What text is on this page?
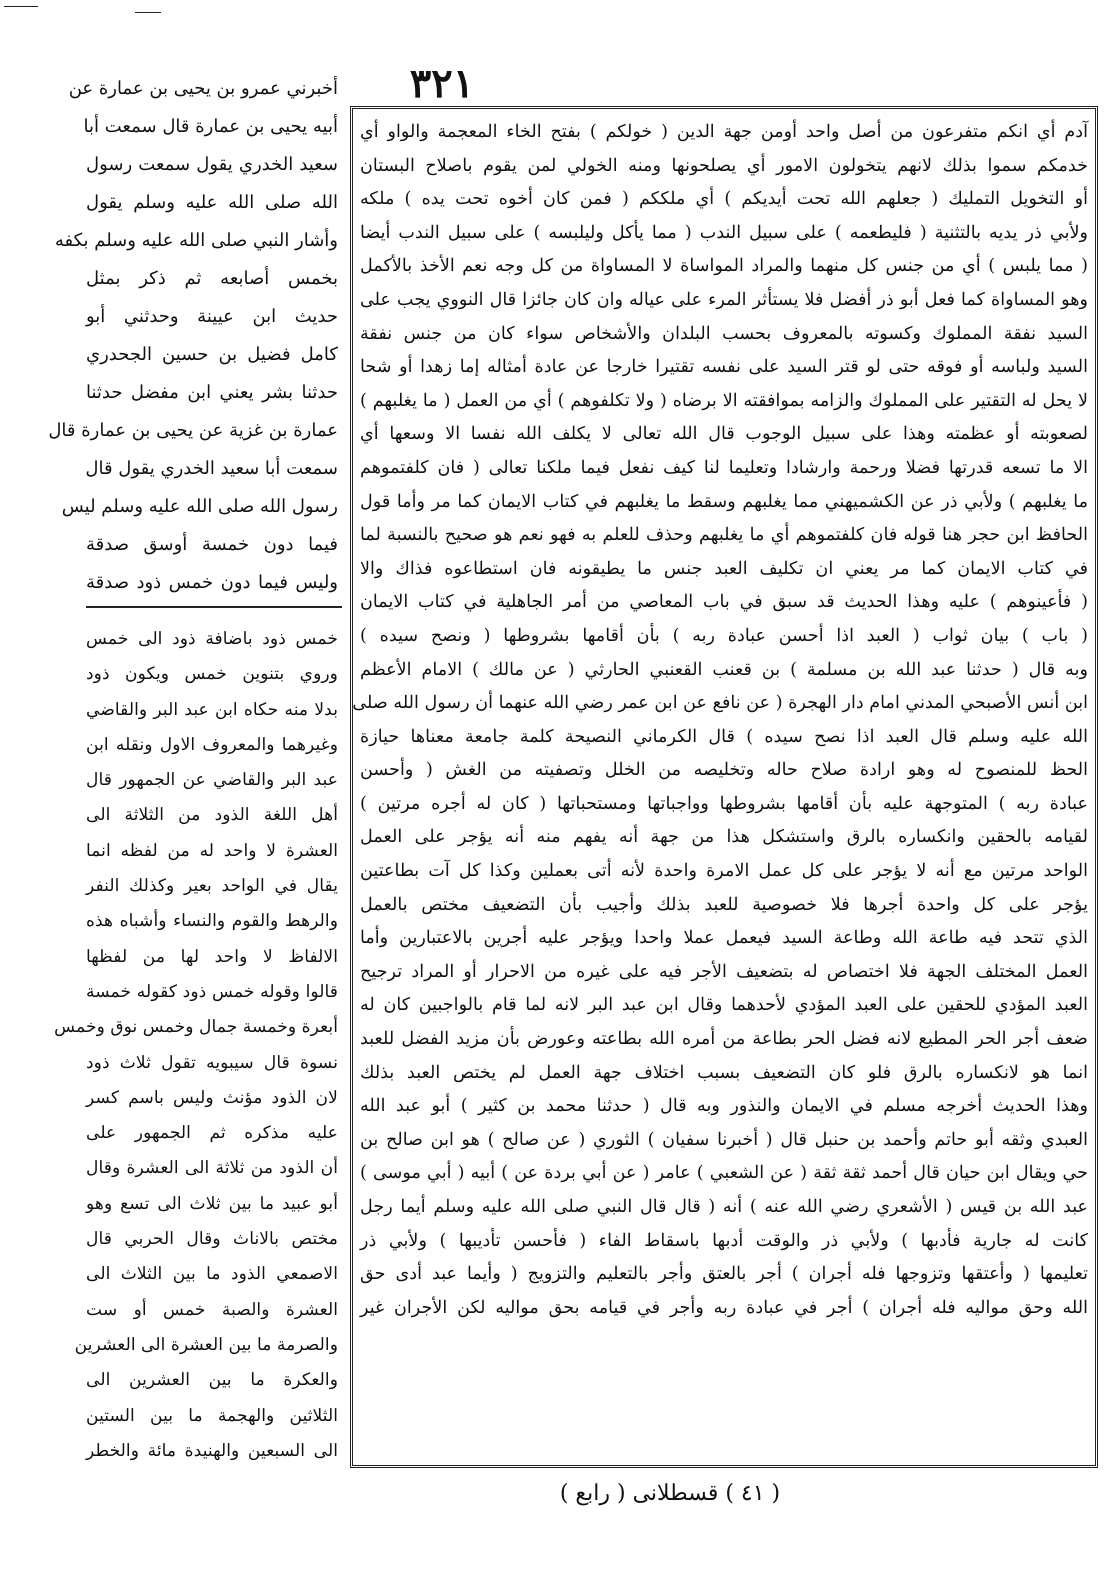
٣٢١
آدم أي انكم متفرعون من أصل واحد أومن جهة الدين ( خولكم ) بفتح الخاء المعجمة والواو أي
خدمكم سموا بذلك لانهم يتخولون الامور أي يصلحونها ومنه الخولي لمن يقوم باصلاح البستان
أو التخويل التمليك ( جعلهم الله تحت أيديكم ) أي ملككم ( فمن كان أخوه تحت يده ) ملكه
ولأبي ذر يديه بالتثنية ( فليطعمه ) على سبيل الندب ( مما يأكل وليلبسه ) على سبيل الندب أيضا
( مما يلبس ) أي من جنس كل منهما والمراد المواساة لا المساواة من كل وجه نعم الأخذ بالأكمل
وهو المساواة كما فعل أبو ذر أفضل فلا يستأثر المرء على عياله وان كان جائزا قال النووي يجب على
السيد نفقة المملوك وكسوته بالمعروف بحسب البلدان والأشخاص سواء كان من جنس نفقة
السيد ولباسه أو فوقه حتى لو قتر السيد على نفسه تقتيرا خارجا عن عادة أمثاله إما زهدا أو شحا
لا يحل له التقتير على المملوك والزامه بموافقته الا برضاه ( ولا تكلفوهم ) أي من العمل ( ما يغلبهم )
لصعوبته أو عظمته وهذا على سبيل الوجوب قال الله تعالى لا يكلف الله نفسا الا وسعها أي
الا ما تسعه قدرتها فضلا ورحمة وارشادا وتعليما لنا كيف نفعل فيما ملكنا تعالى ( فان كلفتموهم
ما يغلبهم ) ولأبي ذر عن الكشميهني مما يغلبهم وسقط ما يغلبهم في كتاب الايمان كما مر وأما قول
الحافظ ابن حجر هنا قوله فان كلفتموهم أي ما يغلبهم وحذف للعلم به فهو نعم هو صحيح بالنسبة لما
في كتاب الايمان كما مر يعني ان تكليف العبد جنس ما يطيقونه فان استطاعوه فذاك والا
( فأعينوهم ) عليه وهذا الحديث قد سبق في باب المعاصي من أمر الجاهلية في كتاب الايمان
( باب ) بيان ثواب ( العبد اذا أحسن عبادة ربه ) بأن أقامها بشروطها ( ونصح سيده )
وبه قال ( حدثنا عبد الله بن مسلمة ) بن قعنب القعنبي الحارثي ( عن مالك ) الامام الأعظم
ابن أنس الأصبحي المدني امام دار الهجرة ( عن نافع عن ابن عمر رضي الله عنهما أن رسول الله صلى
الله عليه وسلم قال العبد اذا نصح سيده ) قال الكرماني النصيحة كلمة جامعة معناها حيازة
الحظ للمنصوح له وهو ارادة صلاح حاله وتخليصه من الخلل وتصفيته من الغش ( وأحسن
عبادة ربه ) المتوجهة عليه بأن أقامها بشروطها وواجباتها ومستحباتها ( كان له أجره مرتين )
لقيامه بالحقين وانكساره بالرق واستشكل هذا من جهة أنه يفهم منه أنه يؤجر على العمل
الواحد مرتين مع أنه لا يؤجر على كل عمل الامرة واحدة لأنه أتى بعملين وكذا كل آت بطاعتين
يؤجر على كل واحدة أجرها فلا خصوصية للعبد بذلك وأجيب بأن التضعيف مختص بالعمل
الذي تتحد فيه طاعة الله وطاعة السيد فيعمل عملا واحدا ويؤجر عليه أجرين بالاعتبارين وأما
العمل المختلف الجهة فلا اختصاص له بتضعيف الأجر فيه على غيره من الاحرار أو المراد ترجيح
العبد المؤدي للحقين على العبد المؤدي لأحدهما وقال ابن عبد البر لانه لما قام بالواجبين كان له
ضعف أجر الحر المطيع لانه فضل الحر بطاعة من أمره الله بطاعته وعورض بأن مزيد الفضل للعبد
انما هو لانكساره بالرق فلو كان التضعيف بسبب اختلاف جهة العمل لم يختص العبد بذلك
وهذا الحديث أخرجه مسلم في الايمان والنذور وبه قال ( حدثنا محمد بن كثير ) أبو عبد الله
العبدي وثقه أبو حاتم وأحمد بن حنبل قال ( أخبرنا سفيان ) الثوري ( عن صالح ) هو ابن صالح بن
حي ويقال ابن حيان قال أحمد ثقة ثقة ( عن الشعبي ) عامر ( عن أبي بردة عن ) أبيه ( أبي موسى )
عبد الله بن قيس ( الأشعري رضي الله عنه ) أنه ( قال قال النبي صلى الله عليه وسلم أيما رجل
كانت له جارية فأدبها ) ولأبي ذر والوقت أدبها باسقاط الفاء ( فأحسن تأديبها ) ولأبي ذر
تعليمها ( وأعتقها وتزوجها فله أجران ) أجر بالعتق وأجر بالتعليم والتزويج ( وأيما عبد أدى حق
الله وحق مواليه فله أجران ) أجر في عبادة ربه وأجر في قيامه بحق مواليه لكن الأجران غير
أخبرني عمرو بن يحيى بن عمارة عن
أبيه يحيى بن عمارة قال سمعت أبا
سعيد الخدري يقول سمعت رسول
الله صلى الله عليه وسلم يقول
وأشار النبي صلى الله عليه وسلم بكفه
بخمس أصابعه ثم ذكر بمثل
حديث ابن عيينة وحدثني أبو
كامل فضيل بن حسين الجحدري
حدثنا بشر يعني ابن مفضل حدثنا
عمارة بن غزية عن يحيى بن عمارة قال
سمعت أبا سعيد الخدري يقول قال
رسول الله صلى الله عليه وسلم ليس
فيما دون خمسة أوسق صدقة
وليس فيما دون خمس ذود صدقة
خمس ذود باضافة ذود الى خمس
وروي بتنوين خمس ويكون ذود
بدلا منه حكاه ابن عبد البر والقاضي
وغيرهما والمعروف الاول ونقله ابن
عبد البر والقاضي عن الجمهور قال
أهل اللغة الذود من الثلاثة الى
العشرة لا واحد له من لفظه انما
يقال في الواحد بعير وكذلك النفر
والرهط والقوم والنساء وأشباه هذه
الالفاظ لا واحد لها من لفظها
قالوا وقوله خمس ذود كقوله خمسة
أبعرة وخمسة جمال وخمس نوق وخمس
نسوة قال سيبويه تقول ثلاث ذود
لان الذود مؤنث وليس باسم كسر
عليه مذكره ثم الجمهور على
أن الذود من ثلاثة الى العشرة وقال
أبو عبيد ما بين ثلاث الى تسع وهو
مختص بالاناث وقال الحربي قال
الاصمعي الذود ما بين الثلاث الى
العشرة والصبة خمس أو ست
والصرمة ما بين العشرة الى العشرين
والعكرة ما بين العشرين الى
الثلاثين والهجمة ما بين الستين
الى السبعين والهنيدة مائة والخطر
( ٤١ ) قسطلانى ( رابع )
